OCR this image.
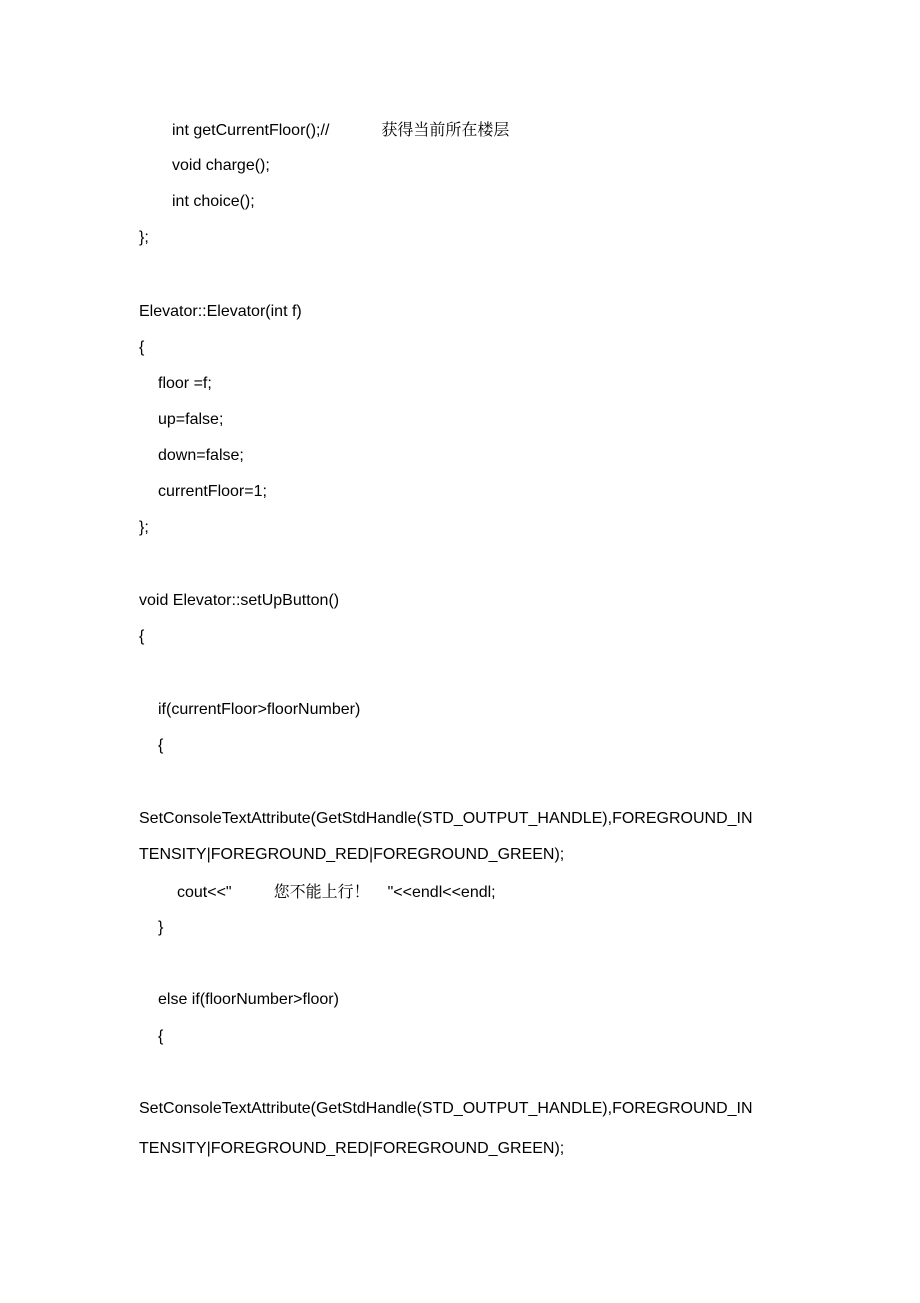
int getCurrentFloor();//	获得当前所在楼层
void charge();
int choice();
};
Elevator::Elevator(int f)
{
floor =f;
up=false;
down=false;
currentFloor=1;
};
void Elevator::setUpButton()
{
if(currentFloor>floorNumber)
{
SetConsoleTextAttribute(GetStdHandle(STD_OUTPUT_HANDLE),FOREGROUND_IN
TENSITY|FOREGROUND_RED|FOREGROUND_GREEN);
cout<<"	您不能上行！ "<<endl<<endl;
}
else if(floorNumber>floor)
{
SetConsoleTextAttribute(GetStdHandle(STD_OUTPUT_HANDLE),FOREGROUND_IN
TENSITY|FOREGROUND_RED|FOREGROUND_GREEN);
